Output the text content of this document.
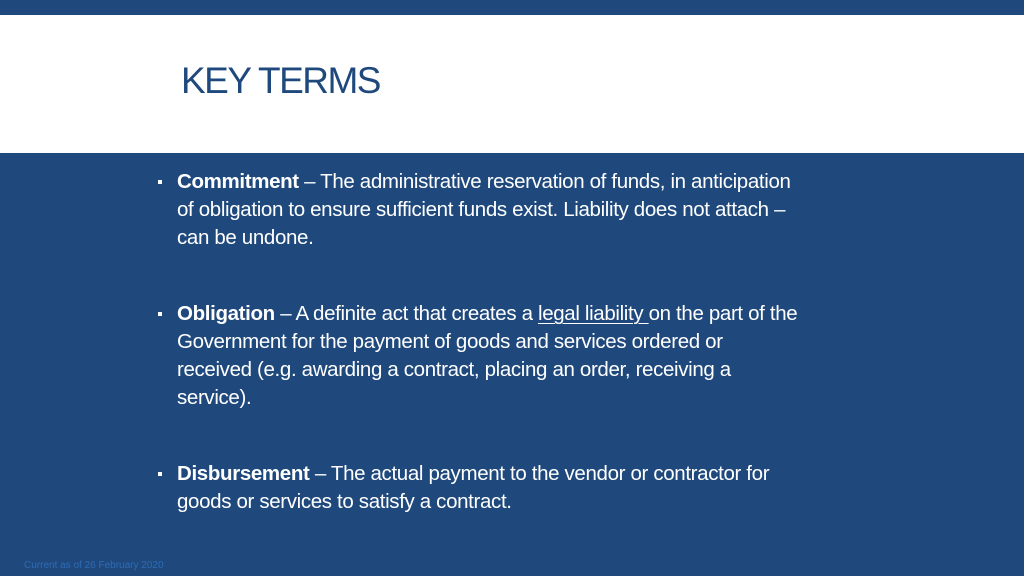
KEY TERMS
Commitment – The administrative reservation of funds, in anticipation of obligation to ensure sufficient funds exist. Liability does not attach – can be undone.
Obligation – A definite act that creates a legal liability on the part of the Government for the payment of goods and services ordered or received (e.g. awarding a contract, placing an order, receiving a service).
Disbursement – The actual payment to the vendor or contractor for goods or services to satisfy a contract.
Current as of 26 February 2020
